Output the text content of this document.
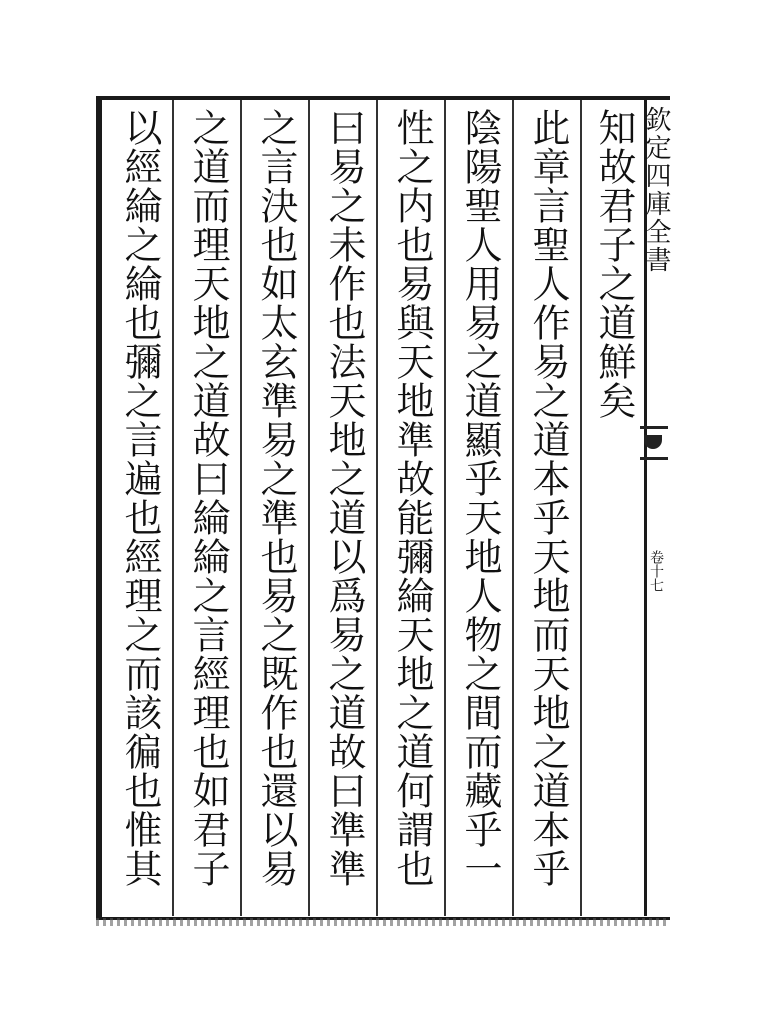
知故君子之道鮮矣
此章言聖人作易之道本乎天地而天地之道本乎
陰陽聖人用易之道顯乎天地人物之間而藏乎一
性之内也易與天地準故能彌綸天地之道何謂也
曰易之未作也法天地之道以爲易之道故曰準準
之言決也如太玄準易之準也易之既作也還以易
之道而理天地之道故曰綸綸之言經理也如君子
以經綸之綸也彌之言遍也經理之而該徧也惟其	欽定四庫全書
卷十七
